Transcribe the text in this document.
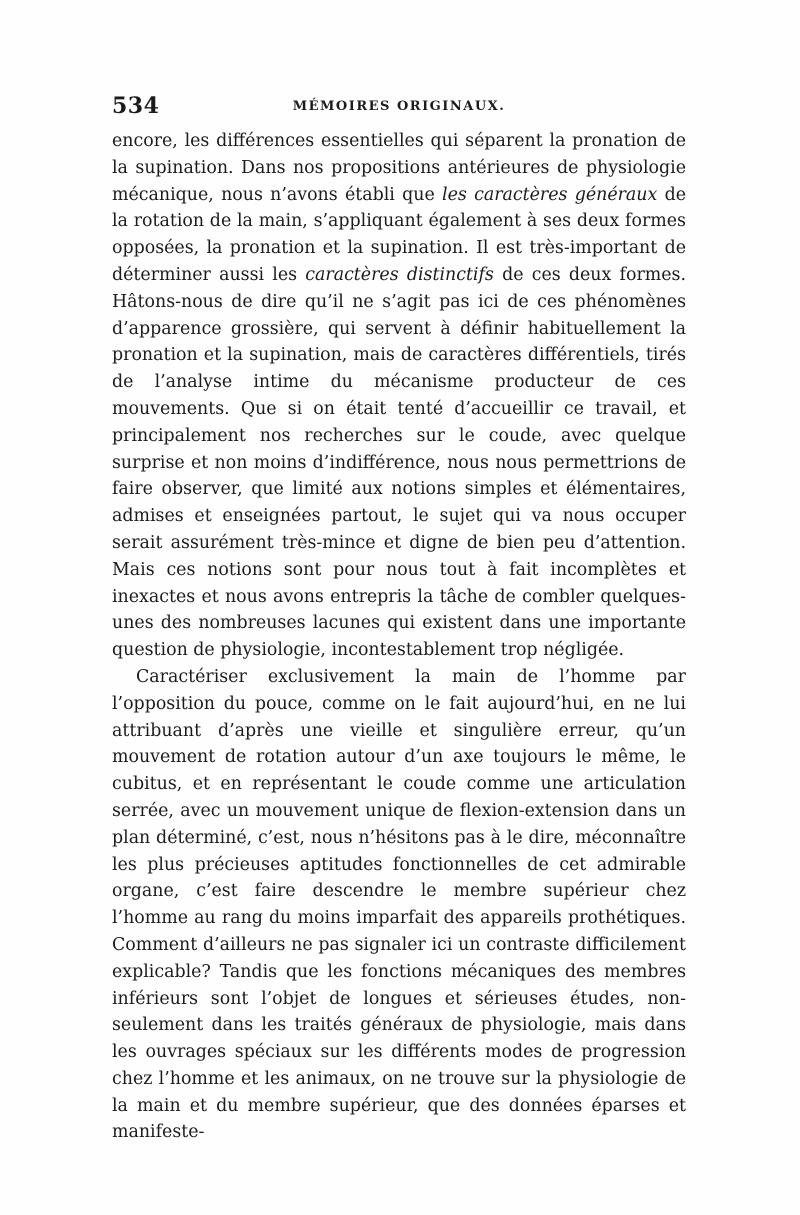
534	MÉMOIRES ORIGINAUX.

encore, les différences essentielles qui séparent la pronation de la supination. Dans nos propositions antérieures de physiologie mécanique, nous n’avons établi que les caractères généraux de la rotation de la main, s’appliquant également à ses deux formes opposées, la pronation et la supination. Il est très-important de déterminer aussi les caractères distinctifs de ces deux formes. Hâtons-nous de dire qu’il ne s’agit pas ici de ces phénomènes d’apparence grossière, qui servent à définir habituellement la pronation et la supination, mais de caractères différentiels, tirés de l’analyse intime du mécanisme producteur de ces mouvements. Que si on était tenté d’accueillir ce travail, et principalement nos recherches sur le coude, avec quelque surprise et non moins d’indifférence, nous nous permettrions de faire observer, que limité aux notions simples et élémentaires, admises et enseignées partout, le sujet qui va nous occuper serait assurément très-mince et digne de bien peu d’attention. Mais ces notions sont pour nous tout à fait incomplètes et inexactes et nous avons entrepris la tâche de combler quelques-unes des nombreuses lacunes qui existent dans une importante question de physiologie, incontestablement trop négligée.

Caractériser exclusivement la main de l’homme par l’opposition du pouce, comme on le fait aujourd’hui, en ne lui attribuant d’après une vieille et singulière erreur, qu’un mouvement de rotation autour d’un axe toujours le même, le cubitus, et en représentant le coude comme une articulation serrée, avec un mouvement unique de flexion-extension dans un plan déterminé, c’est, nous n’hésitons pas à le dire, méconnaître les plus précieuses aptitudes fonctionnelles de cet admirable organe, c’est faire descendre le membre supérieur chez l’homme au rang du moins imparfait des appareils prothétiques. Comment d’ailleurs ne pas signaler ici un contraste difficilement explicable? Tandis que les fonctions mécaniques des membres inférieurs sont l’objet de longues et sérieuses études, non-seulement dans les traités généraux de physiologie, mais dans les ouvrages spéciaux sur les différents modes de progression chez l’homme et les animaux, on ne trouve sur la physiologie de la main et du membre supérieur, que des données éparses et manifeste-
